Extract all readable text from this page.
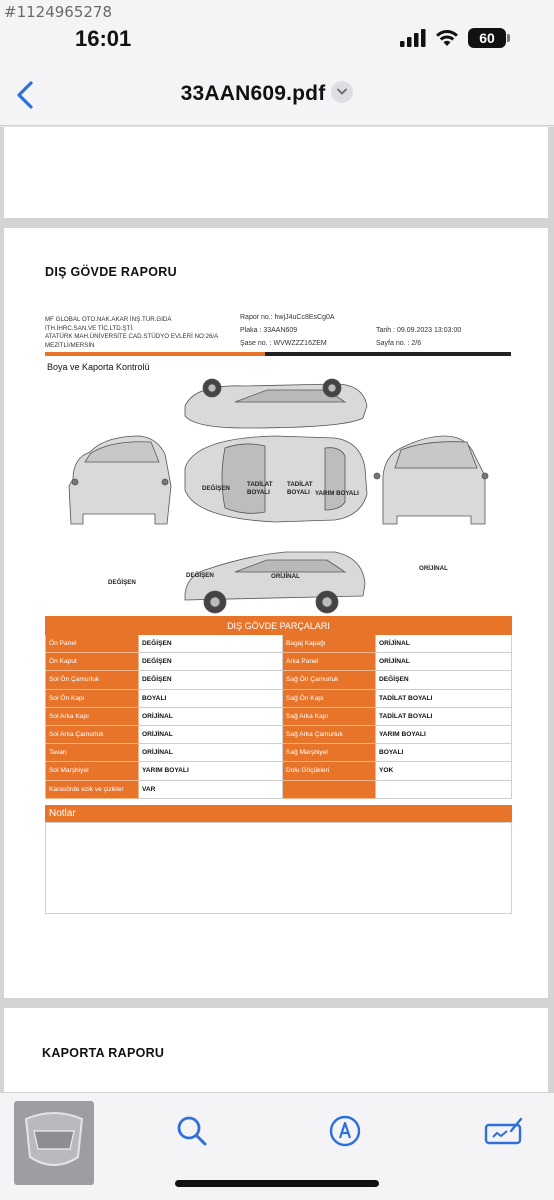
#1124965278
16:01	60
33AAN609.pdf
DIŞ GÖVDE RAPORU
MF GLOBAL OTO.NAK.AKAR İNŞ.TUR.GIDA
İTH.İHRC.SAN.VE TİC.LTD.ŞTİ.
ATATÜRK MAH.ÜNİVERSİTE CAD.STÜDYO EVLERİ NO:26/A
MEZİTLİ/MERSİN
Rapor no.: hwjJ4uCc8EsCg0A
Plaka : 33AAN609
Şase no. : WVWZZZ16ZEM
Tarih : 09.09.2023 13:03:00
Sayfa no. : 2/6
Boya ve Kaporta Kontrolü
DEĞİŞEN
TADİLAT
BOYALI
TADİLAT
BOYALI YARIM BOYALI
DEĞİŞEN
DEĞİŞEN	ORİJİNAL
ORİJİNAL
DIŞ GÖVDE PARÇALARI			
Ön Panel	DEĞİŞEN	Bagaj Kapağı	ORİJİNAL
Ön Kaput	DEĞİŞEN	Arka Panel	ORİJİNAL
Sol Ön Çamurluk	DEĞİŞEN	Sağ Ön Çamurluk	DEĞİŞEN
Sol Ön Kapı	BOYALI	Sağ Ön Kapı	TADİLAT BOYALI
Sol Arka Kapı	ORİJİNAL	Sağ Arka Kapı	TADİLAT BOYALI
Sol Arka Çamurluk	ORİJİNAL	Sağ Arka Çamurluk	YARIM BOYALI
Tavan	ORİJİNAL	Sağ Marşbiyel	BOYALI
Sol Marşbiyel	YARIM BOYALI	Dolu Göçükleri	YOK
Karasörde ezik ve çizikler	VAR		
Notlar
KAPORTA RAPORU
